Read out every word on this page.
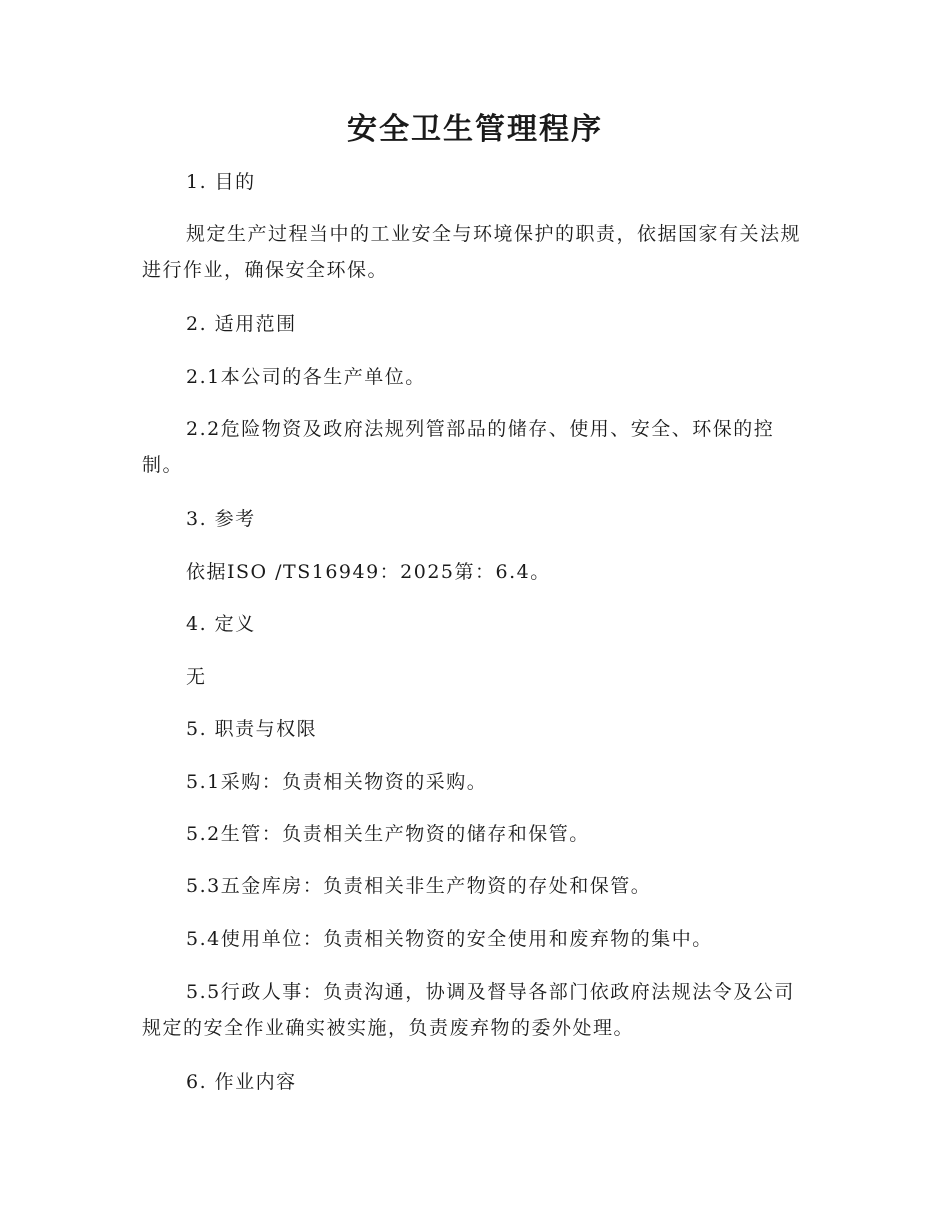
安全卫生管理程序

1. 目的

规定生产过程当中的工业安全与环境保护的职责，依据国家有关法规进行作业，确保安全环保。

2. 适用范围

2.1本公司的各生产单位。

2.2危险物资及政府法规列管部品的储存、使用、安全、环保的控制。

3. 参考

依据ISO /TS16949：2025第：6.4。

4. 定义

无

5. 职责与权限

5.1采购：负责相关物资的采购。

5.2生管：负责相关生产物资的储存和保管。

5.3五金库房：负责相关非生产物资的存处和保管。

5.4使用单位：负责相关物资的安全使用和废弃物的集中。

5.5行政人事：负责沟通，协调及督导各部门依政府法规法令及公司规定的安全作业确实被实施，负责废弃物的委外处理。

6. 作业内容
